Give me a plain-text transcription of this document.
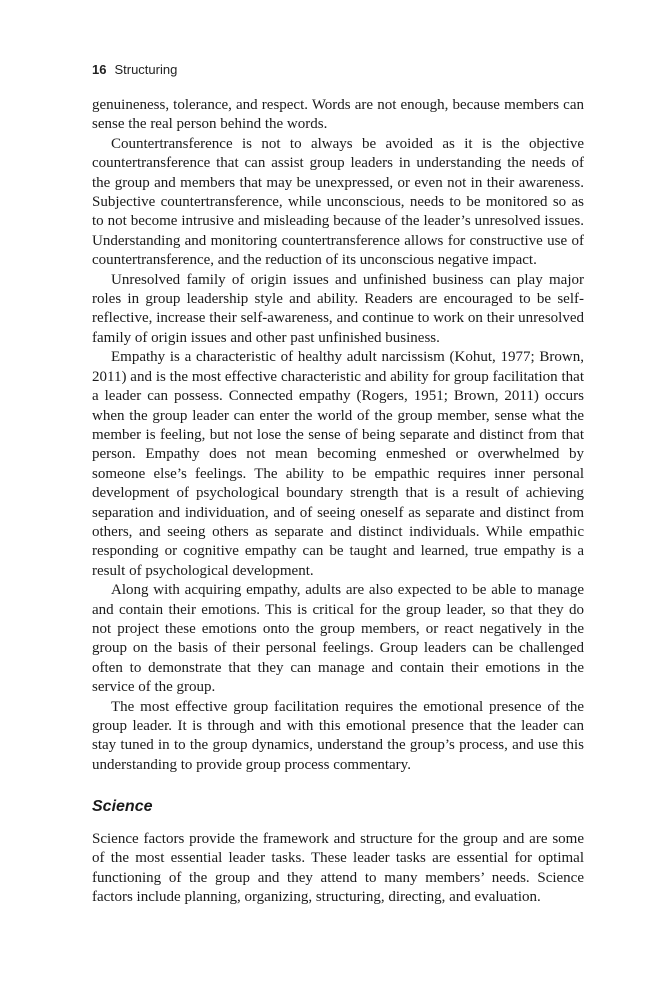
16 Structuring

genuineness, tolerance, and respect. Words are not enough, because members can sense the real person behind the words.

Countertransference is not to always be avoided as it is the objective countertransference that can assist group leaders in understanding the needs of the group and members that may be unexpressed, or even not in their awareness. Subjective countertransference, while unconscious, needs to be monitored so as to not become intrusive and misleading because of the leader’s unresolved issues. Understanding and monitoring countertransference allows for constructive use of countertransference, and the reduction of its unconscious negative impact.

Unresolved family of origin issues and unfinished business can play major roles in group leadership style and ability. Readers are encouraged to be self-reflective, increase their self-awareness, and continue to work on their unresolved family of origin issues and other past unfinished business.

Empathy is a characteristic of healthy adult narcissism (Kohut, 1977; Brown, 2011) and is the most effective characteristic and ability for group facilitation that a leader can possess. Connected empathy (Rogers, 1951; Brown, 2011) occurs when the group leader can enter the world of the group member, sense what the member is feeling, but not lose the sense of being separate and distinct from that person. Empathy does not mean becoming enmeshed or overwhelmed by someone else’s feelings. The ability to be empathic requires inner personal development of psychological boundary strength that is a result of achieving separation and individuation, and of seeing oneself as separate and distinct from others, and seeing others as separate and distinct individuals. While empathic responding or cognitive empathy can be taught and learned, true empathy is a result of psychological development.

Along with acquiring empathy, adults are also expected to be able to manage and contain their emotions. This is critical for the group leader, so that they do not project these emotions onto the group members, or react negatively in the group on the basis of their personal feelings. Group leaders can be challenged often to demonstrate that they can manage and contain their emotions in the service of the group.

The most effective group facilitation requires the emotional presence of the group leader. It is through and with this emotional presence that the leader can stay tuned in to the group dynamics, understand the group’s process, and use this understanding to provide group process commentary.

Science

Science factors provide the framework and structure for the group and are some of the most essential leader tasks. These leader tasks are essential for optimal functioning of the group and they attend to many members’ needs. Science factors include planning, organizing, structuring, directing, and evaluation.
